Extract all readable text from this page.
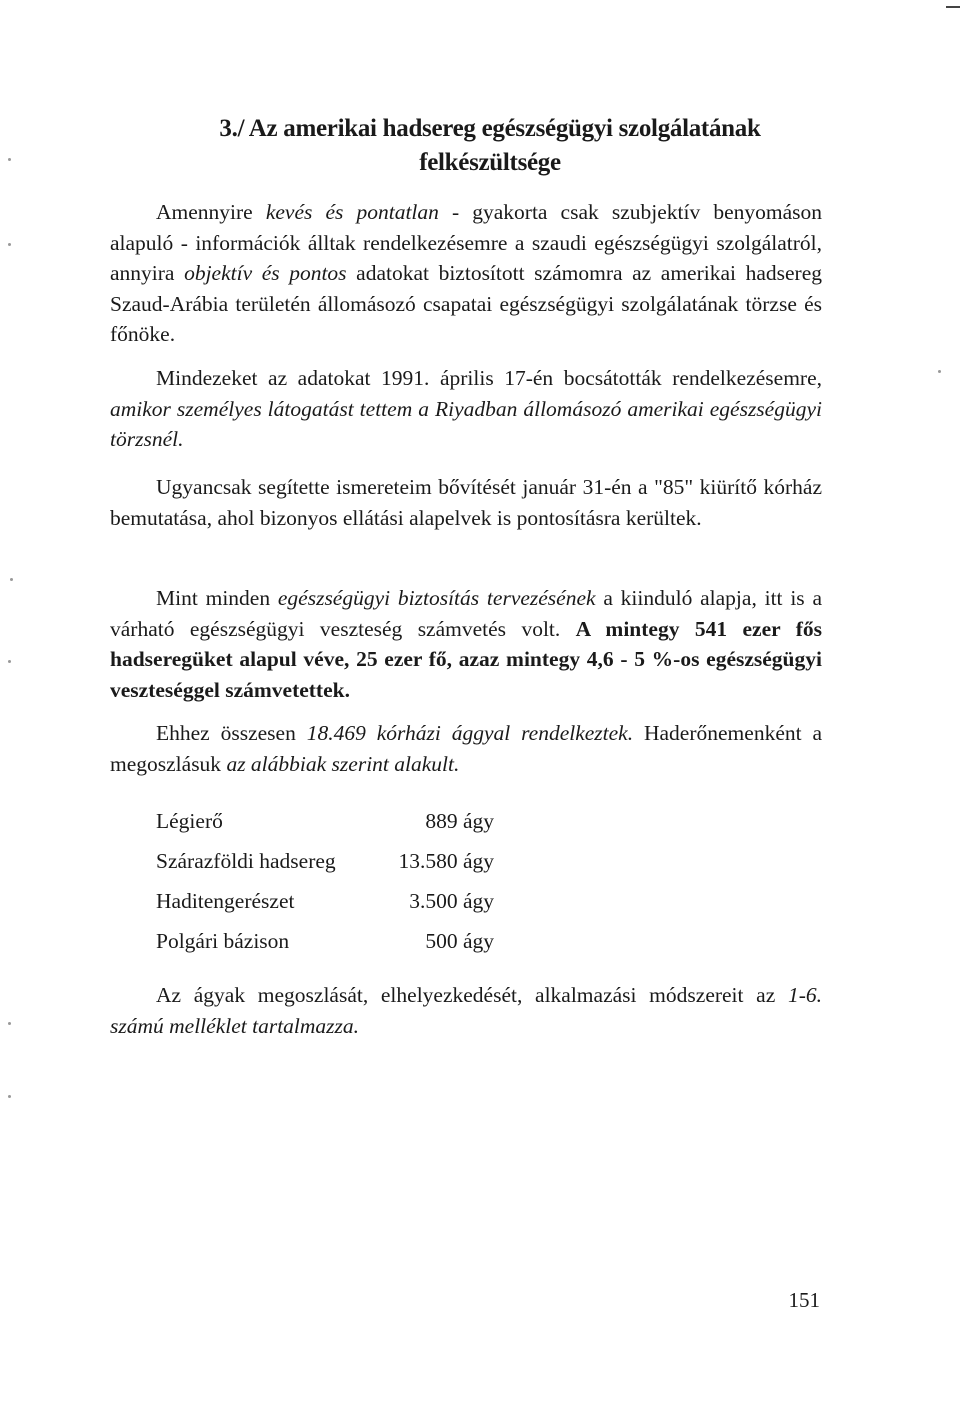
3./ Az amerikai hadsereg egészségügyi szolgálatának
felkészültsége

Amennyire kevés és pontatlan - gyakorta csak szubjektív benyomáson alapuló - információk álltak rendelkezésemre a szaudi egészségügyi szolgálatról, annyira objektív és pontos adatokat biztosított számomra az amerikai hadsereg Szaud-Arábia területén állomásozó csapatai egészségügyi szolgálatának törzse és főnöke.

Mindezeket az adatokat 1991. április 17-én bocsátották rendelkezésemre, amikor személyes látogatást tettem a Riyadban állomásozó amerikai egészségügyi törzsnél.

Ugyancsak segítette ismereteim bővítését január 31-én a "85" kiürítő kórház bemutatása, ahol bizonyos ellátási alapelvek is pontosításra kerültek.

Mint minden egészségügyi biztosítás tervezésének a kiinduló alapja, itt is a várható egészségügyi veszteség számvetés volt. A mintegy 541 ezer fős hadseregüket alapul véve, 25 ezer fő, azaz mintegy 4,6 - 5 %-os egészségügyi veszteséggel számvetettek.

Ehhez összesen 18.469 kórházi ággyal rendelkeztek. Haderőnemenként a megoszlásuk az alábbiak szerint alakult.

Légierő	889 ágy
Szárazföldi hadsereg	13.580 ágy
Haditengerészet	3.500 ágy
Polgári bázison	500 ágy

Az ágyak megoszlását, elhelyezkedését, alkalmazási módszereit az 1-6. számú melléklet tartalmazza.

151
